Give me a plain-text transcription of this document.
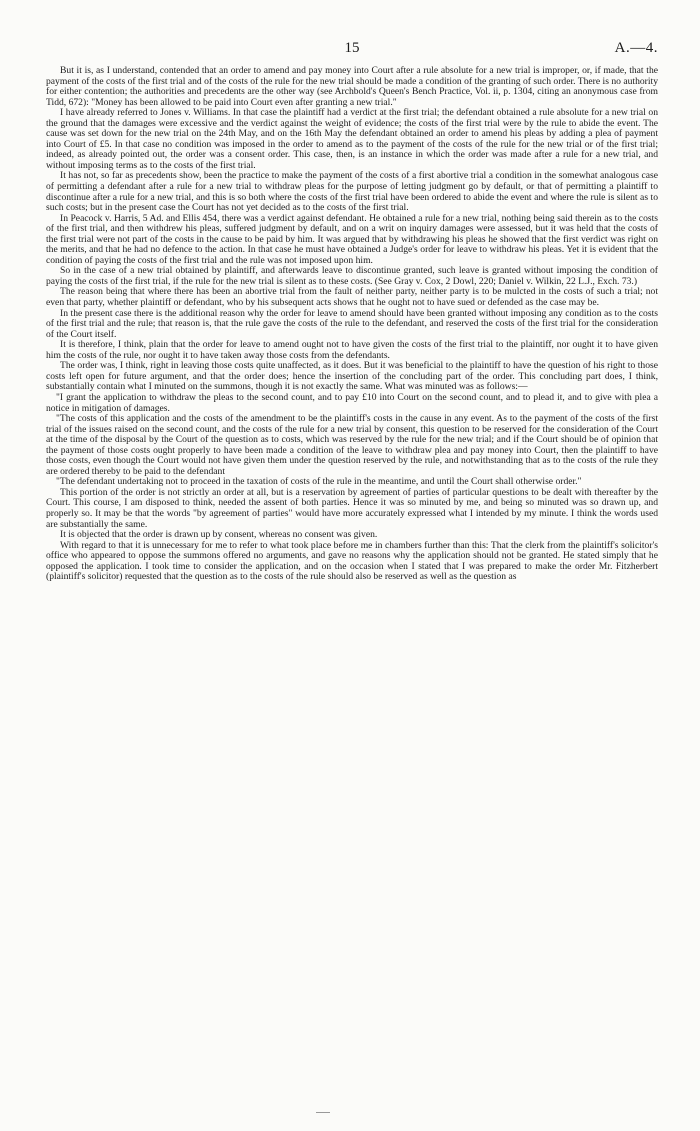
15	A.—4.

But it is, as I understand, contended that an order to amend and pay money into Court after a rule absolute for a new trial is improper, or, if made, that the payment of the costs of the first trial and of the costs of the rule for the new trial should be made a condition of the granting of such order. There is no authority for either contention; the authorities and precedents are the other way (see Archbold's Queen's Bench Practice, Vol. ii, p. 1304, citing an anonymous case from Tidd, 672): "Money has been allowed to be paid into Court even after granting a new trial."

I have already referred to Jones v. Williams. In that case the plaintiff had a verdict at the first trial; the defendant obtained a rule absolute for a new trial on the ground that the damages were excessive and the verdict against the weight of evidence; the costs of the first trial were by the rule to abide the event. The cause was set down for the new trial on the 24th May, and on the 16th May the defendant obtained an order to amend his pleas by adding a plea of payment into Court of £5. In that case no condition was imposed in the order to amend as to the payment of the costs of the rule for the new trial or of the first trial; indeed, as already pointed out, the order was a consent order. This case, then, is an instance in which the order was made after a rule for a new trial, and without imposing terms as to the costs of the first trial.

It has not, so far as precedents show, been the practice to make the payment of the costs of a first abortive trial a condition in the somewhat analogous case of permitting a defendant after a rule for a new trial to withdraw pleas for the purpose of letting judgment go by default, or that of permitting a plaintiff to discontinue after a rule for a new trial, and this is so both where the costs of the first trial have been ordered to abide the event and where the rule is silent as to such costs; but in the present case the Court has not yet decided as to the costs of the first trial.

In Peacock v. Harris, 5 Ad. and Ellis 454, there was a verdict against defendant. He obtained a rule for a new trial, nothing being said therein as to the costs of the first trial, and then withdrew his pleas, suffered judgment by default, and on a writ on inquiry damages were assessed, but it was held that the costs of the first trial were not part of the costs in the cause to be paid by him. It was argued that by withdrawing his pleas he showed that the first verdict was right on the merits, and that he had no defence to the action. In that case he must have obtained a Judge's order for leave to withdraw his pleas. Yet it is evident that the condition of paying the costs of the first trial and the rule was not imposed upon him.

So in the case of a new trial obtained by plaintiff, and afterwards leave to discontinue granted, such leave is granted without imposing the condition of paying the costs of the first trial, if the rule for the new trial is silent as to these costs. (See Gray v. Cox, 2 Dowl, 220; Daniel v. Wilkin, 22 L.J., Exch. 73.)

The reason being that where there has been an abortive trial from the fault of neither party, neither party is to be mulcted in the costs of such a trial; not even that party, whether plaintiff or defendant, who by his subsequent acts shows that he ought not to have sued or defended as the case may be.

In the present case there is the additional reason why the order for leave to amend should have been granted without imposing any condition as to the costs of the first trial and the rule; that reason is, that the rule gave the costs of the rule to the defendant, and reserved the costs of the first trial for the consideration of the Court itself.

It is therefore, I think, plain that the order for leave to amend ought not to have given the costs of the first trial to the plaintiff, nor ought it to have given him the costs of the rule, nor ought it to have taken away those costs from the defendants.

The order was, I think, right in leaving those costs quite unaffected, as it does. But it was beneficial to the plaintiff to have the question of his right to those costs left open for future argument, and that the order does; hence the insertion of the concluding part of the order. This concluding part does, I think, substantially contain what I minuted on the summons, though it is not exactly the same. What was minuted was as follows:—

"I grant the application to withdraw the pleas to the second count, and to pay £10 into Court on the second count, and to plead it, and to give with plea a notice in mitigation of damages.

"The costs of this application and the costs of the amendment to be the plaintiff's costs in the cause in any event. As to the payment of the costs of the first trial of the issues raised on the second count, and the costs of the rule for a new trial by consent, this question to be reserved for the consideration of the Court at the time of the disposal by the Court of the question as to costs, which was reserved by the rule for the new trial; and if the Court should be of opinion that the payment of those costs ought properly to have been made a condition of the leave to withdraw plea and pay money into Court, then the plaintiff to have those costs, even though the Court would not have given them under the question reserved by the rule, and notwithstanding that as to the costs of the rule they are ordered thereby to be paid to the defendant

"The defendant undertaking not to proceed in the taxation of costs of the rule in the meantime, and until the Court shall otherwise order."

This portion of the order is not strictly an order at all, but is a reservation by agreement of parties of particular questions to be dealt with thereafter by the Court. This course, I am disposed to think, needed the assent of both parties. Hence it was so minuted by me, and being so minuted was so drawn up, and properly so. It may be that the words "by agreement of parties" would have more accurately expressed what I intended by my minute. I think the words used are substantially the same.

It is objected that the order is drawn up by consent, whereas no consent was given.

With regard to that it is unnecessary for me to refer to what took place before me in chambers further than this: That the clerk from the plaintiff's solicitor's office who appeared to oppose the summons offered no arguments, and gave no reasons why the application should not be granted. He stated simply that he opposed the application. I took time to consider the application, and on the occasion when I stated that I was prepared to make the order Mr. Fitzherbert (plaintiff's solicitor) requested that the question as to the costs of the rule should also be reserved as well as the question as
